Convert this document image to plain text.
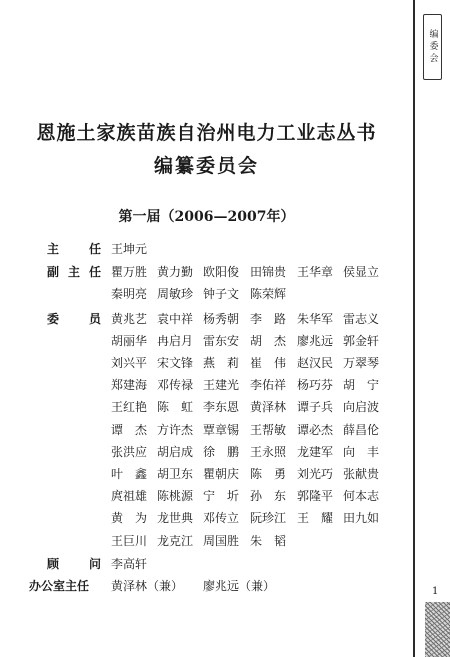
编委会
1
恩施土家族苗族自治州电力工业志丛书
编纂委员会
第一届（2006—2007年）
主 任 王坤元
副 主 任 瞿万胜 黄力勤 欧阳俊 田锦贵 王华章 侯显立
秦明亮 周敏珍 钟子文 陈荣辉
委 员 黄兆艺 袁中祥 杨秀朝 李　路 朱华军 雷志义
胡丽华 冉启月 雷东安 胡　杰 廖兆远 郭金轩
刘兴平 宋文锋 燕　莉 崔　伟 赵汉民 万翠琴
郑建海 邓传禄 王建光 李佑祥 杨巧芬 胡　宁
王红艳 陈　虹 李东恩 黄泽林 谭子兵 向启波
谭　杰 方许杰 覃章锡 王帮敏 谭必杰 薛昌伦
张洪应 胡启成 徐　鹏 王永照 龙建军 向　丰
叶　鑫 胡卫东 瞿朝庆 陈　勇 刘光巧 张献贵
庹祖雄 陈桃源 宁　圻 孙　东 郭隆平 何本志
黄　为 龙世典 邓传立 阮珍江 王　耀 田九如
王巨川 龙克江 周国胜 朱　韬
顾 问 李高轩
办公室主任 黄泽林（兼） 廖兆远（兼）
